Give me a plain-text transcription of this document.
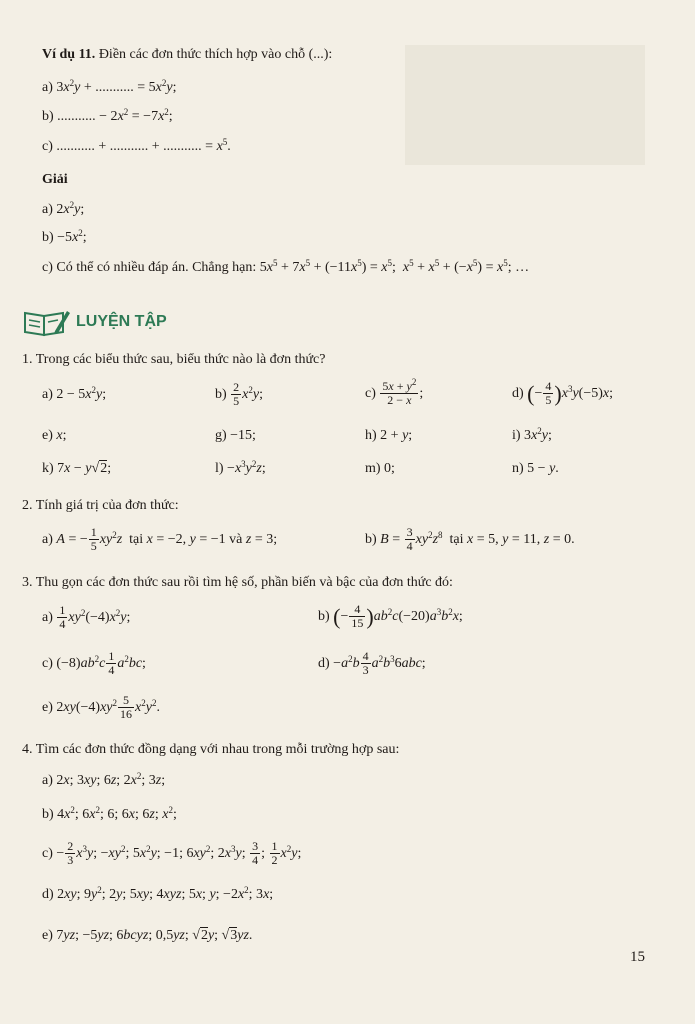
Ví dụ 11. Điền các đơn thức thích hợp vào chỗ (...):
a) $3x^2y$ + ........... = $5x^2y$;
b) ........... − $2x^2 = -7x^2$;
c) ........... + ........... + ........... = $x^5$.
Giải
a) $2x^2y$;
$b) -5x^2$;
c) Có thể có nhiều đáp án. Chẳng hạn: $5x^5 + 7x^5 + (-11x^5) = x^5$;  $x^5 + x^5 + (-x^5) = x^5$; …
LUYỆN TẬP
1. Trong các biểu thức sau, biểu thức nào là đơn thức?
a) $2 - 5x^2y$;	$b) \frac{2}{5} x^2y$;	$c) \frac{5x + y^2}{2 - x}$ ;	d) (− $\frac{4}{5} )x^3y(-5)x$;
e) x;	g) −15;	h) 2 + y;	i) $3x^2y$;
k) 7x − y√2;	$l) -x^3y^2z$;	m) 0;	n) 5 − y.
2. Tính giá trị của đơn thức:
a) A = − $\frac{1}{5} xy^2z$  tại x = −2, y = −1 và z = 3;	b) $B = \frac{3}{4} xy^2z^8$  tại x = 5, y = 11, z = 0.
3. Thu gọn các đơn thức sau rồi tìm hệ số, phần biến và bậc của đơn thức đó:
$a) \frac{1}{4} xy^2(-4)x^2y$;	b) (− $\frac{4}{15} )ab^2c(-20)a^3b^2x$;
c) $(-8)ab^2c \frac{1}{4} a^2bc$;	$d) -a^2b \frac{4}{3} a^2b^36abc$;
e) $2xy(-4)xy^2 \frac{5}{16} x^2y^2$.
4. Tìm các đơn thức đồng dạng với nhau trong mỗi trường hợp sau:
a) 2x; 3xy; 6z; $2x^2$; 3z;
b) $4x^2$; $6x^2$; 6; 6x; 6z; $x^2$;
$c) - \frac{2}{3} x^3y$; $-xy^2$; $5x^2y$; −1; $6xy^2$; $2x^3y$; $\frac{3}{4}$ ; $\frac{1}{2} x^2y$;
d) 2xy; $9y^2$; 2y; 5xy; 4xyz; 5x; y; $-2x^2$; 3x;
e) 7yz; −5yz; 6bcyz; 0,5yz; √2y; √3yz.
15
